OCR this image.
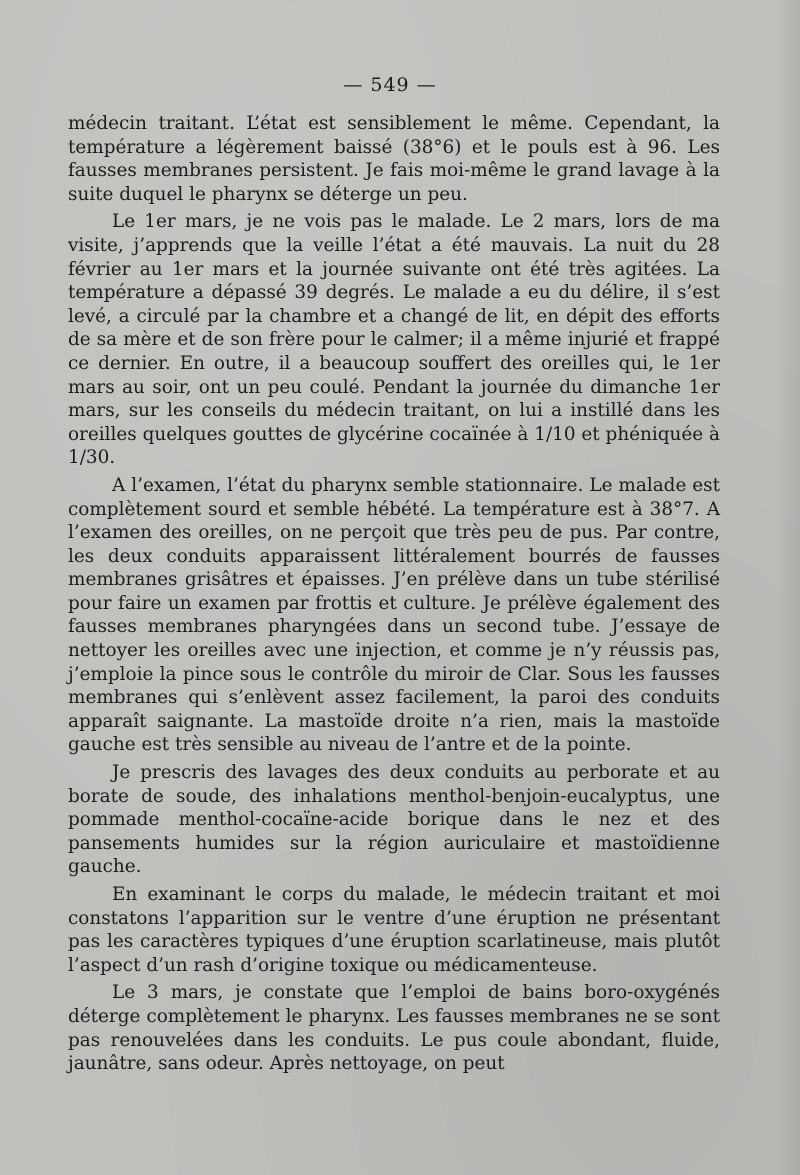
— 549 —

médecin traitant. L’état est sensiblement le même. Cependant, la température a légèrement baissé (38°6) et le pouls est à 96. Les fausses membranes persistent. Je fais moi-même le grand lavage à la suite duquel le pharynx se déterge un peu.

Le 1er mars, je ne vois pas le malade. Le 2 mars, lors de ma visite, j’apprends que la veille l’état a été mauvais. La nuit du 28 février au 1er mars et la journée suivante ont été très agitées. La température a dépassé 39 degrés. Le malade a eu du délire, il s’est levé, a circulé par la chambre et a changé de lit, en dépit des efforts de sa mère et de son frère pour le calmer; il a même injurié et frappé ce dernier. En outre, il a beaucoup souffert des oreilles qui, le 1er mars au soir, ont un peu coulé. Pendant la journée du dimanche 1er mars, sur les conseils du médecin traitant, on lui a instillé dans les oreilles quelques gouttes de glycérine cocaïnée à 1/10 et phéniquée à 1/30.

A l’examen, l’état du pharynx semble stationnaire. Le malade est complètement sourd et semble hébété. La température est à 38°7. A l’examen des oreilles, on ne perçoit que très peu de pus. Par contre, les deux conduits apparaissent littéralement bourrés de fausses membranes grisâtres et épaisses. J’en prélève dans un tube stérilisé pour faire un examen par frottis et culture. Je prélève également des fausses membranes pharyngées dans un second tube. J’essaye de nettoyer les oreilles avec une injection, et comme je n’y réussis pas, j’emploie la pince sous le contrôle du miroir de Clar. Sous les fausses membranes qui s’enlèvent assez facilement, la paroi des conduits apparaît saignante. La mastoïde droite n’a rien, mais la mastoïde gauche est très sensible au niveau de l’antre et de la pointe.

Je prescris des lavages des deux conduits au perborate et au borate de soude, des inhalations menthol-benjoin-eucalyptus, une pommade menthol-cocaïne-acide borique dans le nez et des pansements humides sur la région auriculaire et mastoïdienne gauche.

En examinant le corps du malade, le médecin traitant et moi constatons l’apparition sur le ventre d’une éruption ne présentant pas les caractères typiques d’une éruption scarlatineuse, mais plutôt l’aspect d’un rash d’origine toxique ou médicamenteuse.

Le 3 mars, je constate que l’emploi de bains boro-oxygénés déterge complètement le pharynx. Les fausses membranes ne se sont pas renouvelées dans les conduits. Le pus coule abondant, fluide, jaunâtre, sans odeur. Après nettoyage, on peut
